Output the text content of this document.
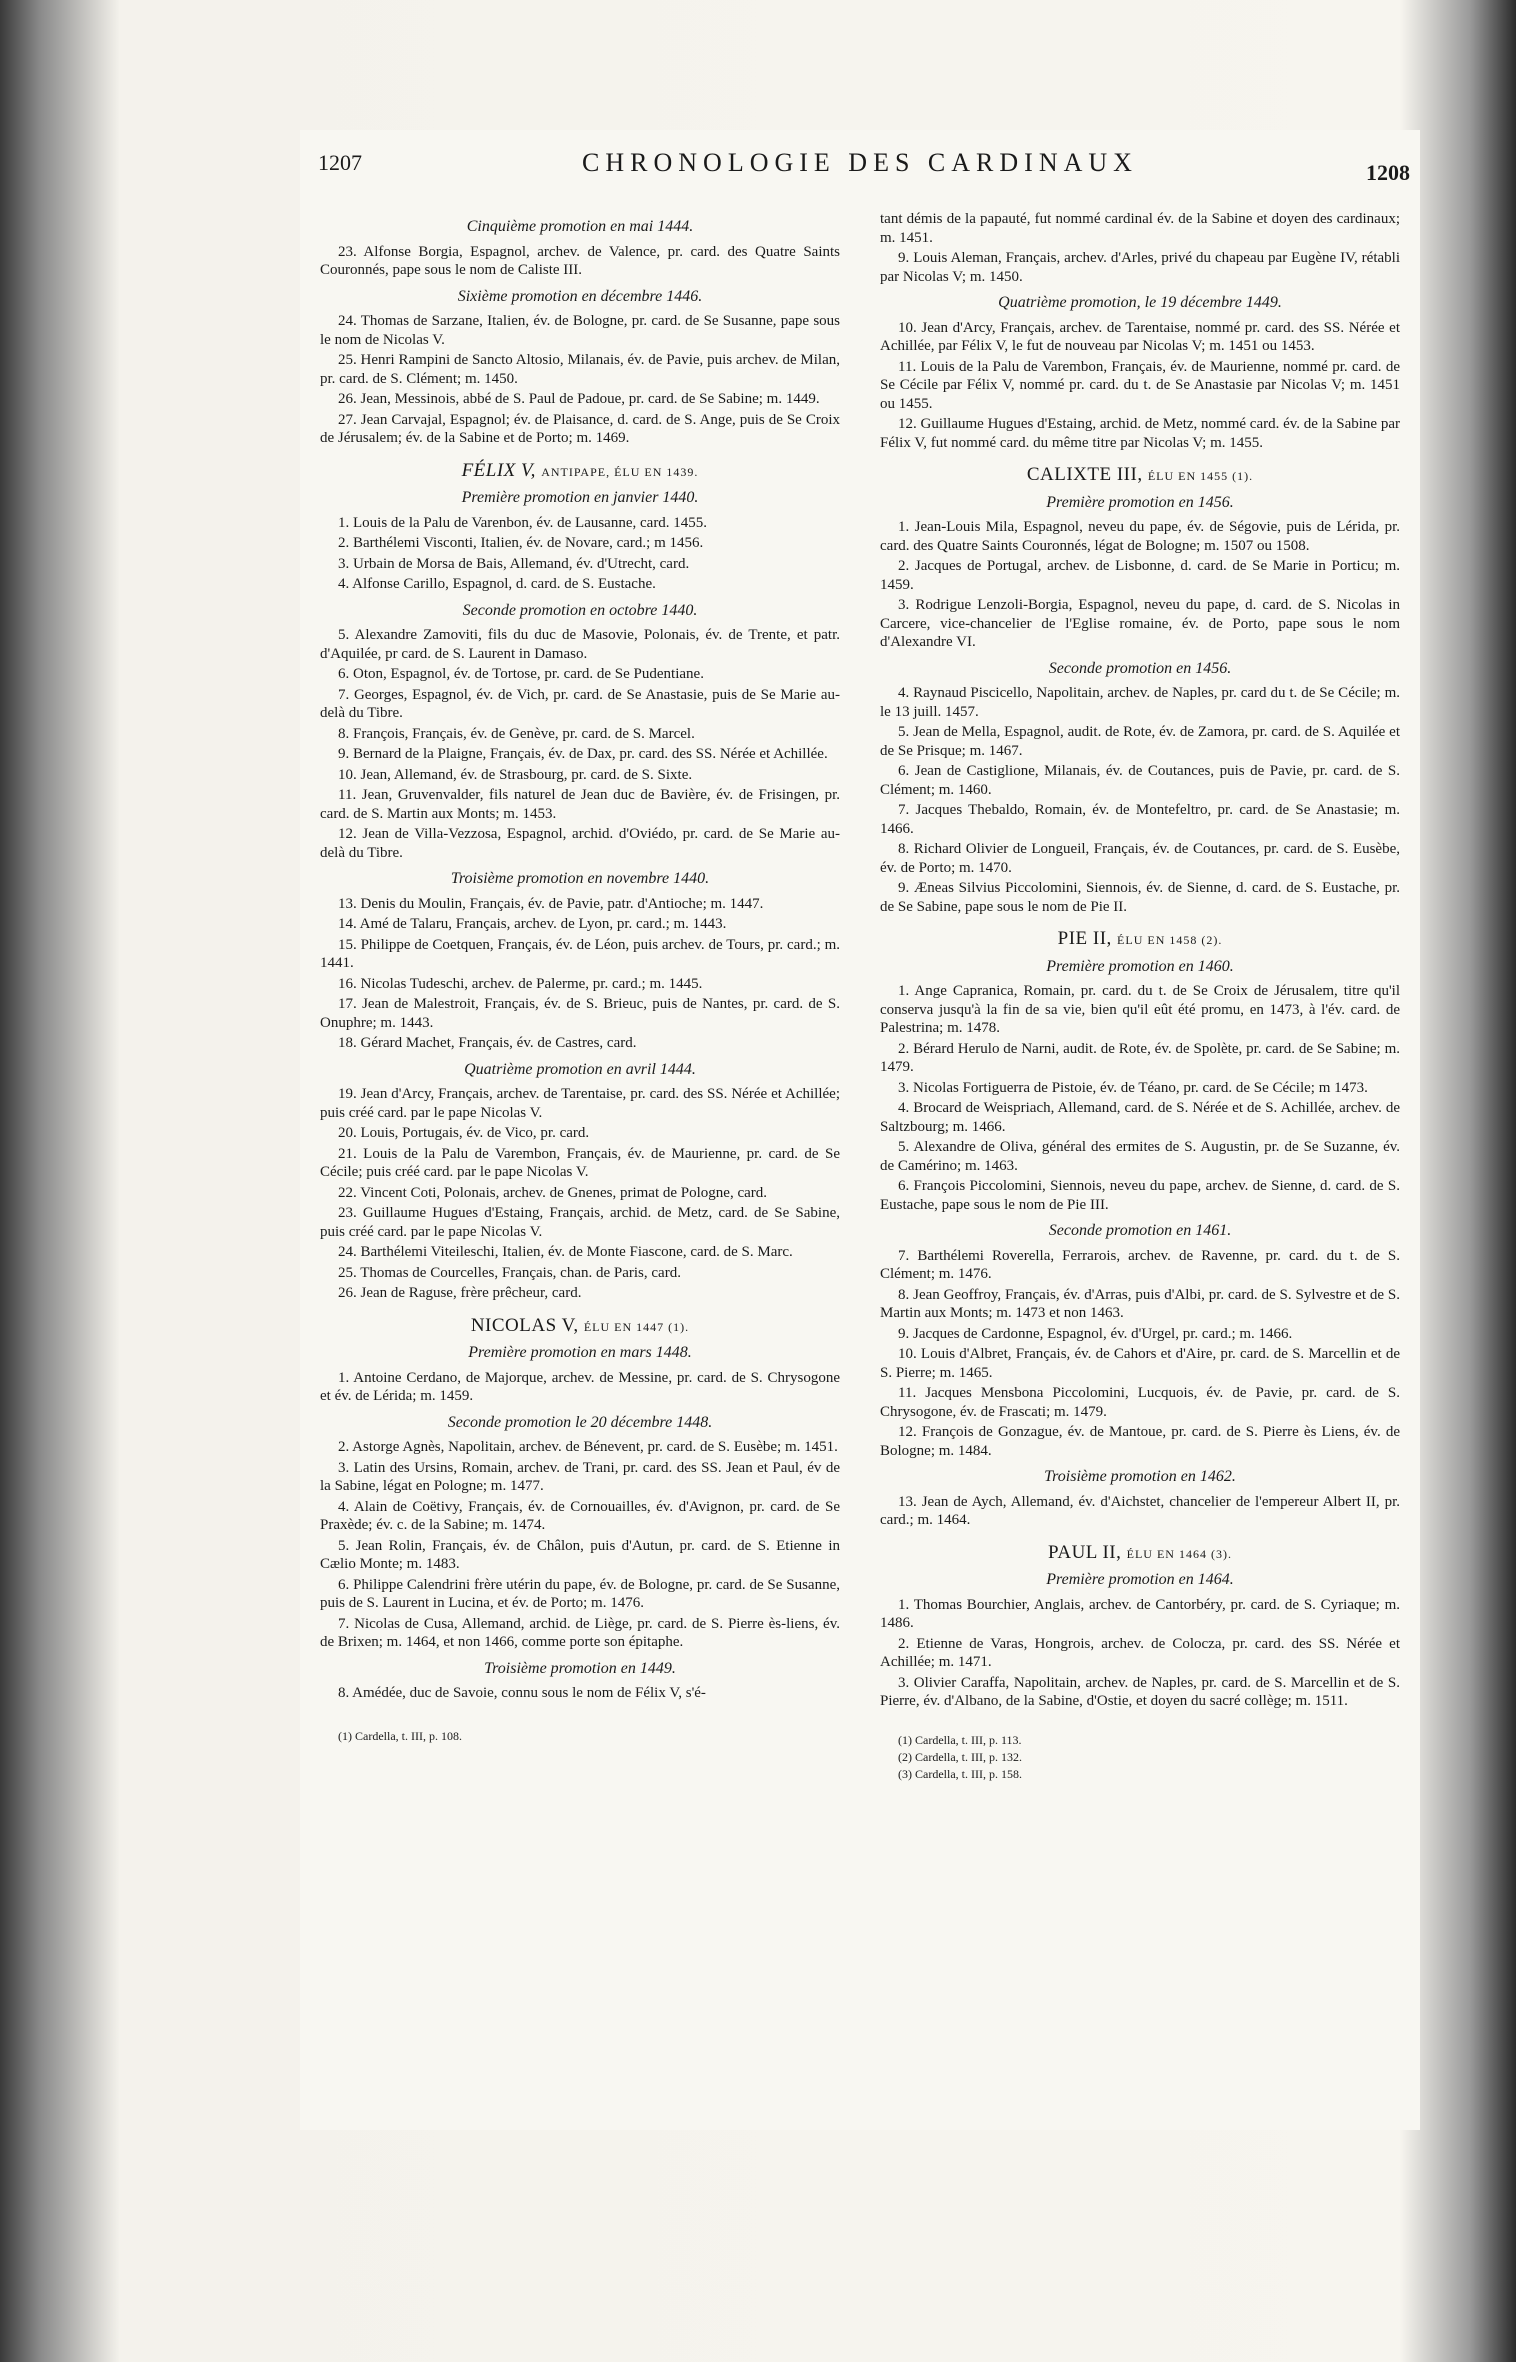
1207	CHRONOLOGIE DES CARDINAUX	1208
Cinquième promotion en mai 1444.

23. Alfonse Borgia, Espagnol, archev. de Valence, pr. card. des Quatre Saints Couronnés, pape sous le nom de Caliste III.

Sixième promotion en décembre 1446.

24. Thomas de Sarzane, Italien, év. de Bologne, pr. card. de Se Susanne, pape sous le nom de Nicolas V.

25. Henri Rampini de Sancto Altosio, Milanais, év. de Pavie, puis archev. de Milan, pr. card. de S. Clément; m. 1450.

26. Jean, Messinois, abbé de S. Paul de Padoue, pr. card. de Se Sabine; m. 1449.

27. Jean Carvajal, Espagnol; év. de Plaisance, d. card. de S. Ange, puis de Se Croix de Jérusalem; év. de la Sabine et de Porto; m. 1469.

FÉLIX V, ANTIPAPE, ÉLU EN 1439.
Première promotion en janvier 1440.

1. Louis de la Palu de Varenbon, év. de Lausanne, card. 1455.

2. Barthélemi Visconti, Italien, év. de Novare, card.; m 1456.

3. Urbain de Morsa de Bais, Allemand, év. d'Utrecht, card.

4. Alfonse Carillo, Espagnol, d. card. de S. Eustache.

Seconde promotion en octobre 1440.

5. Alexandre Zamoviti, fils du duc de Masovie, Polonais, év. de Trente, et patr. d'Aquilée, pr card. de S. Laurent in Damaso.

6. Oton, Espagnol, év. de Tortose, pr. card. de Se Pudentiane.

7. Georges, Espagnol, év. de Vich, pr. card. de Se Anastasie, puis de Se Marie au-delà du Tibre.

8. François, Français, év. de Genève, pr. card. de S. Marcel.

9. Bernard de la Plaigne, Français, év. de Dax, pr. card. des SS. Nérée et Achillée.

10. Jean, Allemand, év. de Strasbourg, pr. card. de S. Sixte.

11. Jean, Gruvenvalder, fils naturel de Jean duc de Bavière, év. de Frisingen, pr. card. de S. Martin aux Monts; m. 1453.

12. Jean de Villa-Vezzosa, Espagnol, archid. d'Oviédo, pr. card. de Se Marie au-delà du Tibre.

Troisième promotion en novembre 1440.

13. Denis du Moulin, Français, év. de Pavie, patr. d'Antioche; m. 1447.

14. Amé de Talaru, Français, archev. de Lyon, pr. card.; m. 1443.

15. Philippe de Coetquen, Français, év. de Léon, puis archev. de Tours, pr. card.; m. 1441.

16. Nicolas Tudeschi, archev. de Palerme, pr. card.; m. 1445.

17. Jean de Malestroit, Français, év. de S. Brieuc, puis de Nantes, pr. card. de S. Onuphre; m. 1443.

18. Gérard Machet, Français, év. de Castres, card.

Quatrième promotion en avril 1444.

19. Jean d'Arcy, Français, archev. de Tarentaise, pr. card. des SS. Nérée et Achillée; puis créé card. par le pape Nicolas V.

20. Louis, Portugais, év. de Vico, pr. card.

21. Louis de la Palu de Varembon, Français, év. de Maurienne, pr. card. de Se Cécile; puis créé card. par le pape Nicolas V.

22. Vincent Coti, Polonais, archev. de Gnenes, primat de Pologne, card.

23. Guillaume Hugues d'Estaing, Français, archid. de Metz, card. de Se Sabine, puis créé card. par le pape Nicolas V.

24. Barthélemi Viteileschi, Italien, év. de Monte Fiascone, card. de S. Marc.

25. Thomas de Courcelles, Français, chan. de Paris, card.

26. Jean de Raguse, frère prêcheur, card.

NICOLAS V, ÉLU EN 1447 (1).
Première promotion en mars 1448.

1. Antoine Cerdano, de Majorque, archev. de Messine, pr. card. de S. Chrysogone et év. de Lérida; m. 1459.

Seconde promotion le 20 décembre 1448.

2. Astorge Agnès, Napolitain, archev. de Bénevent, pr. card. de S. Eusèbe; m. 1451.

3. Latin des Ursins, Romain, archev. de Trani, pr. card. des SS. Jean et Paul, év de la Sabine, légat en Pologne; m. 1477.

4. Alain de Coëtivy, Français, év. de Cornouailles, év. d'Avignon, pr. card. de Se Praxède; év. c. de la Sabine; m. 1474.

5. Jean Rolin, Français, év. de Châlon, puis d'Autun, pr. card. de S. Etienne in Cælio Monte; m. 1483.

6. Philippe Calendrini frère utérin du pape, év. de Bologne, pr. card. de Se Susanne, puis de S. Laurent in Lucina, et év. de Porto; m. 1476.

7. Nicolas de Cusa, Allemand, archid. de Liège, pr. card. de S. Pierre ès-liens, év. de Brixen; m. 1464, et non 1466, comme porte son épitaphe.

Troisième promotion en 1449.

8. Amédée, duc de Savoie, connu sous le nom de Félix V, s'é-

(1) Cardella, t. III, p. 108.

tant démis de la papauté, fut nommé cardinal év. de la Sabine et doyen des cardinaux; m. 1451.

9. Louis Aleman, Français, archev. d'Arles, privé du chapeau par Eugène IV, rétabli par Nicolas V; m. 1450.

Quatrième promotion, le 19 décembre 1449.

10. Jean d'Arcy, Français, archev. de Tarentaise, nommé pr. card. des SS. Nérée et Achillée, par Félix V, le fut de nouveau par Nicolas V; m. 1451 ou 1453.

11. Louis de la Palu de Varembon, Français, év. de Maurienne, nommé pr. card. de Se Cécile par Félix V, nommé pr. card. du t. de Se Anastasie par Nicolas V; m. 1451 ou 1455.

12. Guillaume Hugues d'Estaing, archid. de Metz, nommé card. év. de la Sabine par Félix V, fut nommé card. du même titre par Nicolas V; m. 1455.

CALIXTE III, ÉLU EN 1455 (1).
Première promotion en 1456.

1. Jean-Louis Mila, Espagnol, neveu du pape, év. de Ségovie, puis de Lérida, pr. card. des Quatre Saints Couronnés, légat de Bologne; m. 1507 ou 1508.

2. Jacques de Portugal, archev. de Lisbonne, d. card. de Se Marie in Porticu; m. 1459.

3. Rodrigue Lenzoli-Borgia, Espagnol, neveu du pape, d. card. de S. Nicolas in Carcere, vice-chancelier de l'Eglise romaine, év. de Porto, pape sous le nom d'Alexandre VI.

Seconde promotion en 1456.

4. Raynaud Piscicello, Napolitain, archev. de Naples, pr. card du t. de Se Cécile; m. le 13 juill. 1457.

5. Jean de Mella, Espagnol, audit. de Rote, év. de Zamora, pr. card. de S. Aquilée et de Se Prisque; m. 1467.

6. Jean de Castiglione, Milanais, év. de Coutances, puis de Pavie, pr. card. de S. Clément; m. 1460.

7. Jacques Thebaldo, Romain, év. de Montefeltro, pr. card. de Se Anastasie; m. 1466.

8. Richard Olivier de Longueil, Français, év. de Coutances, pr. card. de S. Eusèbe, év. de Porto; m. 1470.

9. Æneas Silvius Piccolomini, Siennois, év. de Sienne, d. card. de S. Eustache, pr. de Se Sabine, pape sous le nom de Pie II.

PIE II, ÉLU EN 1458 (2).
Première promotion en 1460.

1. Ange Capranica, Romain, pr. card. du t. de Se Croix de Jérusalem, titre qu'il conserva jusqu'à la fin de sa vie, bien qu'il eût été promu, en 1473, à l'év. card. de Palestrina; m. 1478.

2. Bérard Herulo de Narni, audit. de Rote, év. de Spolète, pr. card. de Se Sabine; m. 1479.

3. Nicolas Fortiguerra de Pistoie, év. de Téano, pr. card. de Se Cécile; m 1473.

4. Brocard de Weispriach, Allemand, card. de S. Nérée et de S. Achillée, archev. de Saltzbourg; m. 1466.

5. Alexandre de Oliva, général des ermites de S. Augustin, pr. de Se Suzanne, év. de Camérino; m. 1463.

6. François Piccolomini, Siennois, neveu du pape, archev. de Sienne, d. card. de S. Eustache, pape sous le nom de Pie III.

Seconde promotion en 1461.

7. Barthélemi Roverella, Ferrarois, archev. de Ravenne, pr. card. du t. de S. Clément; m. 1476.

8. Jean Geoffroy, Français, év. d'Arras, puis d'Albi, pr. card. de S. Sylvestre et de S. Martin aux Monts; m. 1473 et non 1463.

9. Jacques de Cardonne, Espagnol, év. d'Urgel, pr. card.; m. 1466.

10. Louis d'Albret, Français, év. de Cahors et d'Aire, pr. card. de S. Marcellin et de S. Pierre; m. 1465.

11. Jacques Mensbona Piccolomini, Lucquois, év. de Pavie, pr. card. de S. Chrysogone, év. de Frascati; m. 1479.

12. François de Gonzague, év. de Mantoue, pr. card. de S. Pierre ès Liens, év. de Bologne; m. 1484.

Troisième promotion en 1462.

13. Jean de Aych, Allemand, év. d'Aichstet, chancelier de l'empereur Albert II, pr. card.; m. 1464.

PAUL II, ÉLU EN 1464 (3).
Première promotion en 1464.

1. Thomas Bourchier, Anglais, archev. de Cantorbéry, pr. card. de S. Cyriaque; m. 1486.

2. Etienne de Varas, Hongrois, archev. de Colocza, pr. card. des SS. Nérée et Achillée; m. 1471.

3. Olivier Caraffa, Napolitain, archev. de Naples, pr. card. de S. Marcellin et de S. Pierre, év. d'Albano, de la Sabine, d'Ostie, et doyen du sacré collège; m. 1511.

(1) Cardella, t. III, p. 113.

(2) Cardella, t. III, p. 132.

(3) Cardella, t. III, p. 158.
